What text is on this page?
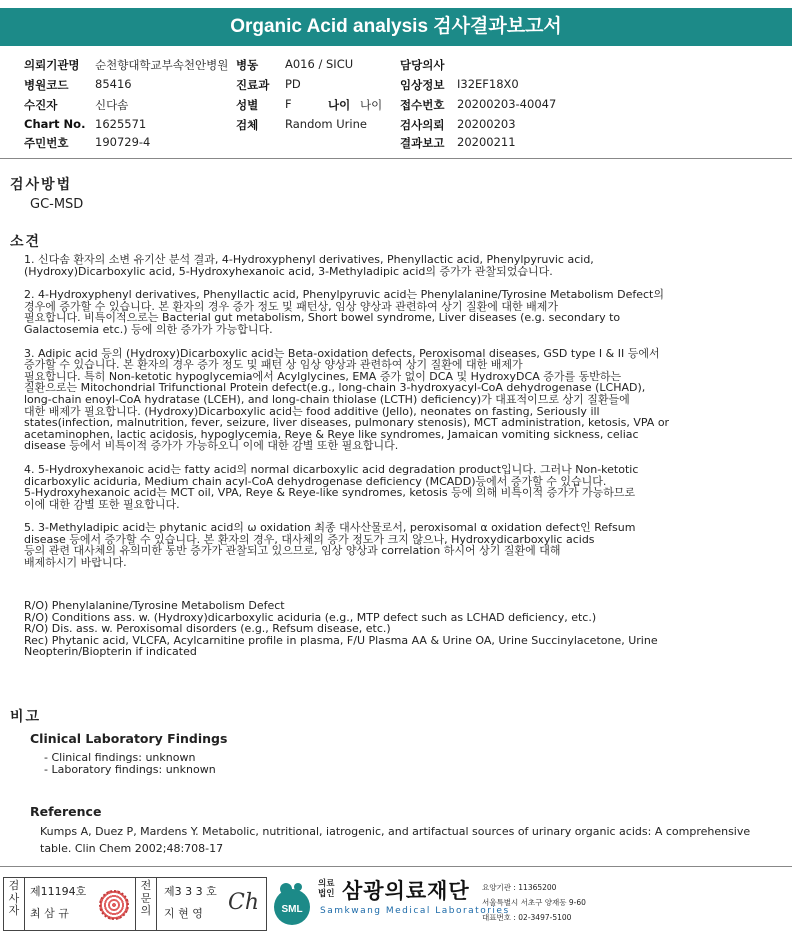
Organic Acid analysis 검사결과보고서
의뢰기관명 순천향대학교부속천안병원 병동 A016 / SICU	담당의사
병원코드 85416	진료과 PD	임상정보 I32EF18X0
수진자	신다솜	성별 F	나이 나이 접수번호 20200203-40047
Chart No. 1625571	검체 Random Urine	검사의뢰 20200203
주민번호 190729-4	결과보고 20200211
검사방법
GC-MSD
소견

1. 신다솜 환자의 소변 유기산 분석 결과, 4-Hydroxyphenyl derivatives, Phenyllactic acid, Phenylpyruvic acid,
(Hydroxy)Dicarboxylic acid, 5-Hydroxyhexanoic acid, 3-Methyladipic acid의 증가가 관찰되었습니다.

2. 4-Hydroxyphenyl derivatives, Phenyllactic acid, Phenylpyruvic acid는 Phenylalanine/Tyrosine Metabolism Defect의
경우에 증가할 수 있습니다. 본 환자의 경우 증가 정도 및 패턴상, 임상 양상과 관련하여 상기 질환에 대한 배제가
필요합니다. 비특이적으로는 Bacterial gut metabolism, Short bowel syndrome, Liver diseases (e.g. secondary to
Galactosemia etc.) 등에 의한 증가가 가능합니다.

3. Adipic acid 등의 (Hydroxy)Dicarboxylic acid는 Beta-oxidation defects, Peroxisomal diseases, GSD type I & II 등에서
증가할 수 있습니다. 본 환자의 경우 증가 정도 및 패턴 상 임상 양상과 관련하여 상기 질환에 대한 배제가
필요합니다. 특히 Non-ketotic hypoglycemia에서 Acylglycines, EMA 증가 없이 DCA 및 HydroxyDCA 증가를 동반하는
질환으로는 Mitochondrial Trifunctional Protein defect(e.g., long-chain 3-hydroxyacyl-CoA dehydrogenase (LCHAD),
long-chain enoyl-CoA hydratase (LCEH), and long-chain thiolase (LCTH) deficiency)가 대표적이므로 상기 질환들에
대한 배제가 필요합니다. (Hydroxy)Dicarboxylic acid는 food additive (Jello), neonates on fasting, Seriously ill
states(infection, malnutrition, fever, seizure, liver diseases, pulmonary stenosis), MCT administration, ketosis, VPA or
acetaminophen, lactic acidosis, hypoglycemia, Reye & Reye like syndromes, Jamaican vomiting sickness, celiac
disease 등에서 비특이적 증가가 가능하오니 이에 대한 감별 또한 필요합니다.

4. 5-Hydroxyhexanoic acid는 fatty acid의 normal dicarboxylic acid degradation product입니다. 그러나 Non-ketotic
dicarboxylic aciduria, Medium chain acyl-CoA dehydrogenase deficiency (MCADD)등에서 증가할 수 있습니다.
5-Hydroxyhexanoic acid는 MCT oil, VPA, Reye & Reye-like syndromes, ketosis 등에 의해 비특이적 증가가 가능하므로
이에 대한 감별 또한 필요합니다.

5. 3-Methyladipic acid는 phytanic acid의 ω oxidation 최종 대사산물로서, peroxisomal α oxidation defect인 Refsum
disease 등에서 증가할 수 있습니다. 본 환자의 경우, 대사체의 증가 정도가 크지 않으나, Hydroxydicarboxylic acids
등의 관련 대사체의 유의미한 동반 증가가 관찰되고 있으므로, 임상 양상과 correlation 하시어 상기 질환에 대해
배제하시기 바랍니다.

R/O) Phenylalanine/Tyrosine Metabolism Defect
R/O) Conditions ass. w. (Hydroxy)dicarboxylic aciduria (e.g., MTP defect such as LCHAD deficiency, etc.)
R/O) Dis. ass. w. Peroxisomal disorders (e.g., Refsum disease, etc.)
Rec) Phytanic acid, VLCFA, Acylcarnitine profile in plasma, F/U Plasma AA & Urine OA, Urine Succinylacetone, Urine
Neopterin/Biopterin if indicated
비고
Clinical Laboratory Findings
- Clinical findings: unknown
- Laboratory findings: unknown
Reference
Kumps A, Duez P, Mardens Y. Metabolic, nutritional, iatrogenic, and artifactual sources of urinary organic acids: A comprehensive table. Clin Chem 2002;48:708-17
검
사
자
제11194호
최 삼 규
전
문
의
제3 3 3 호
지 현 영	Ch SML
의료
법인 삼광의료재단
Samkwang Medical Laboratories
요양기관 : 11365200
서울특별시 서초구 양재동 9-60
대표번호 : 02-3497-5100
